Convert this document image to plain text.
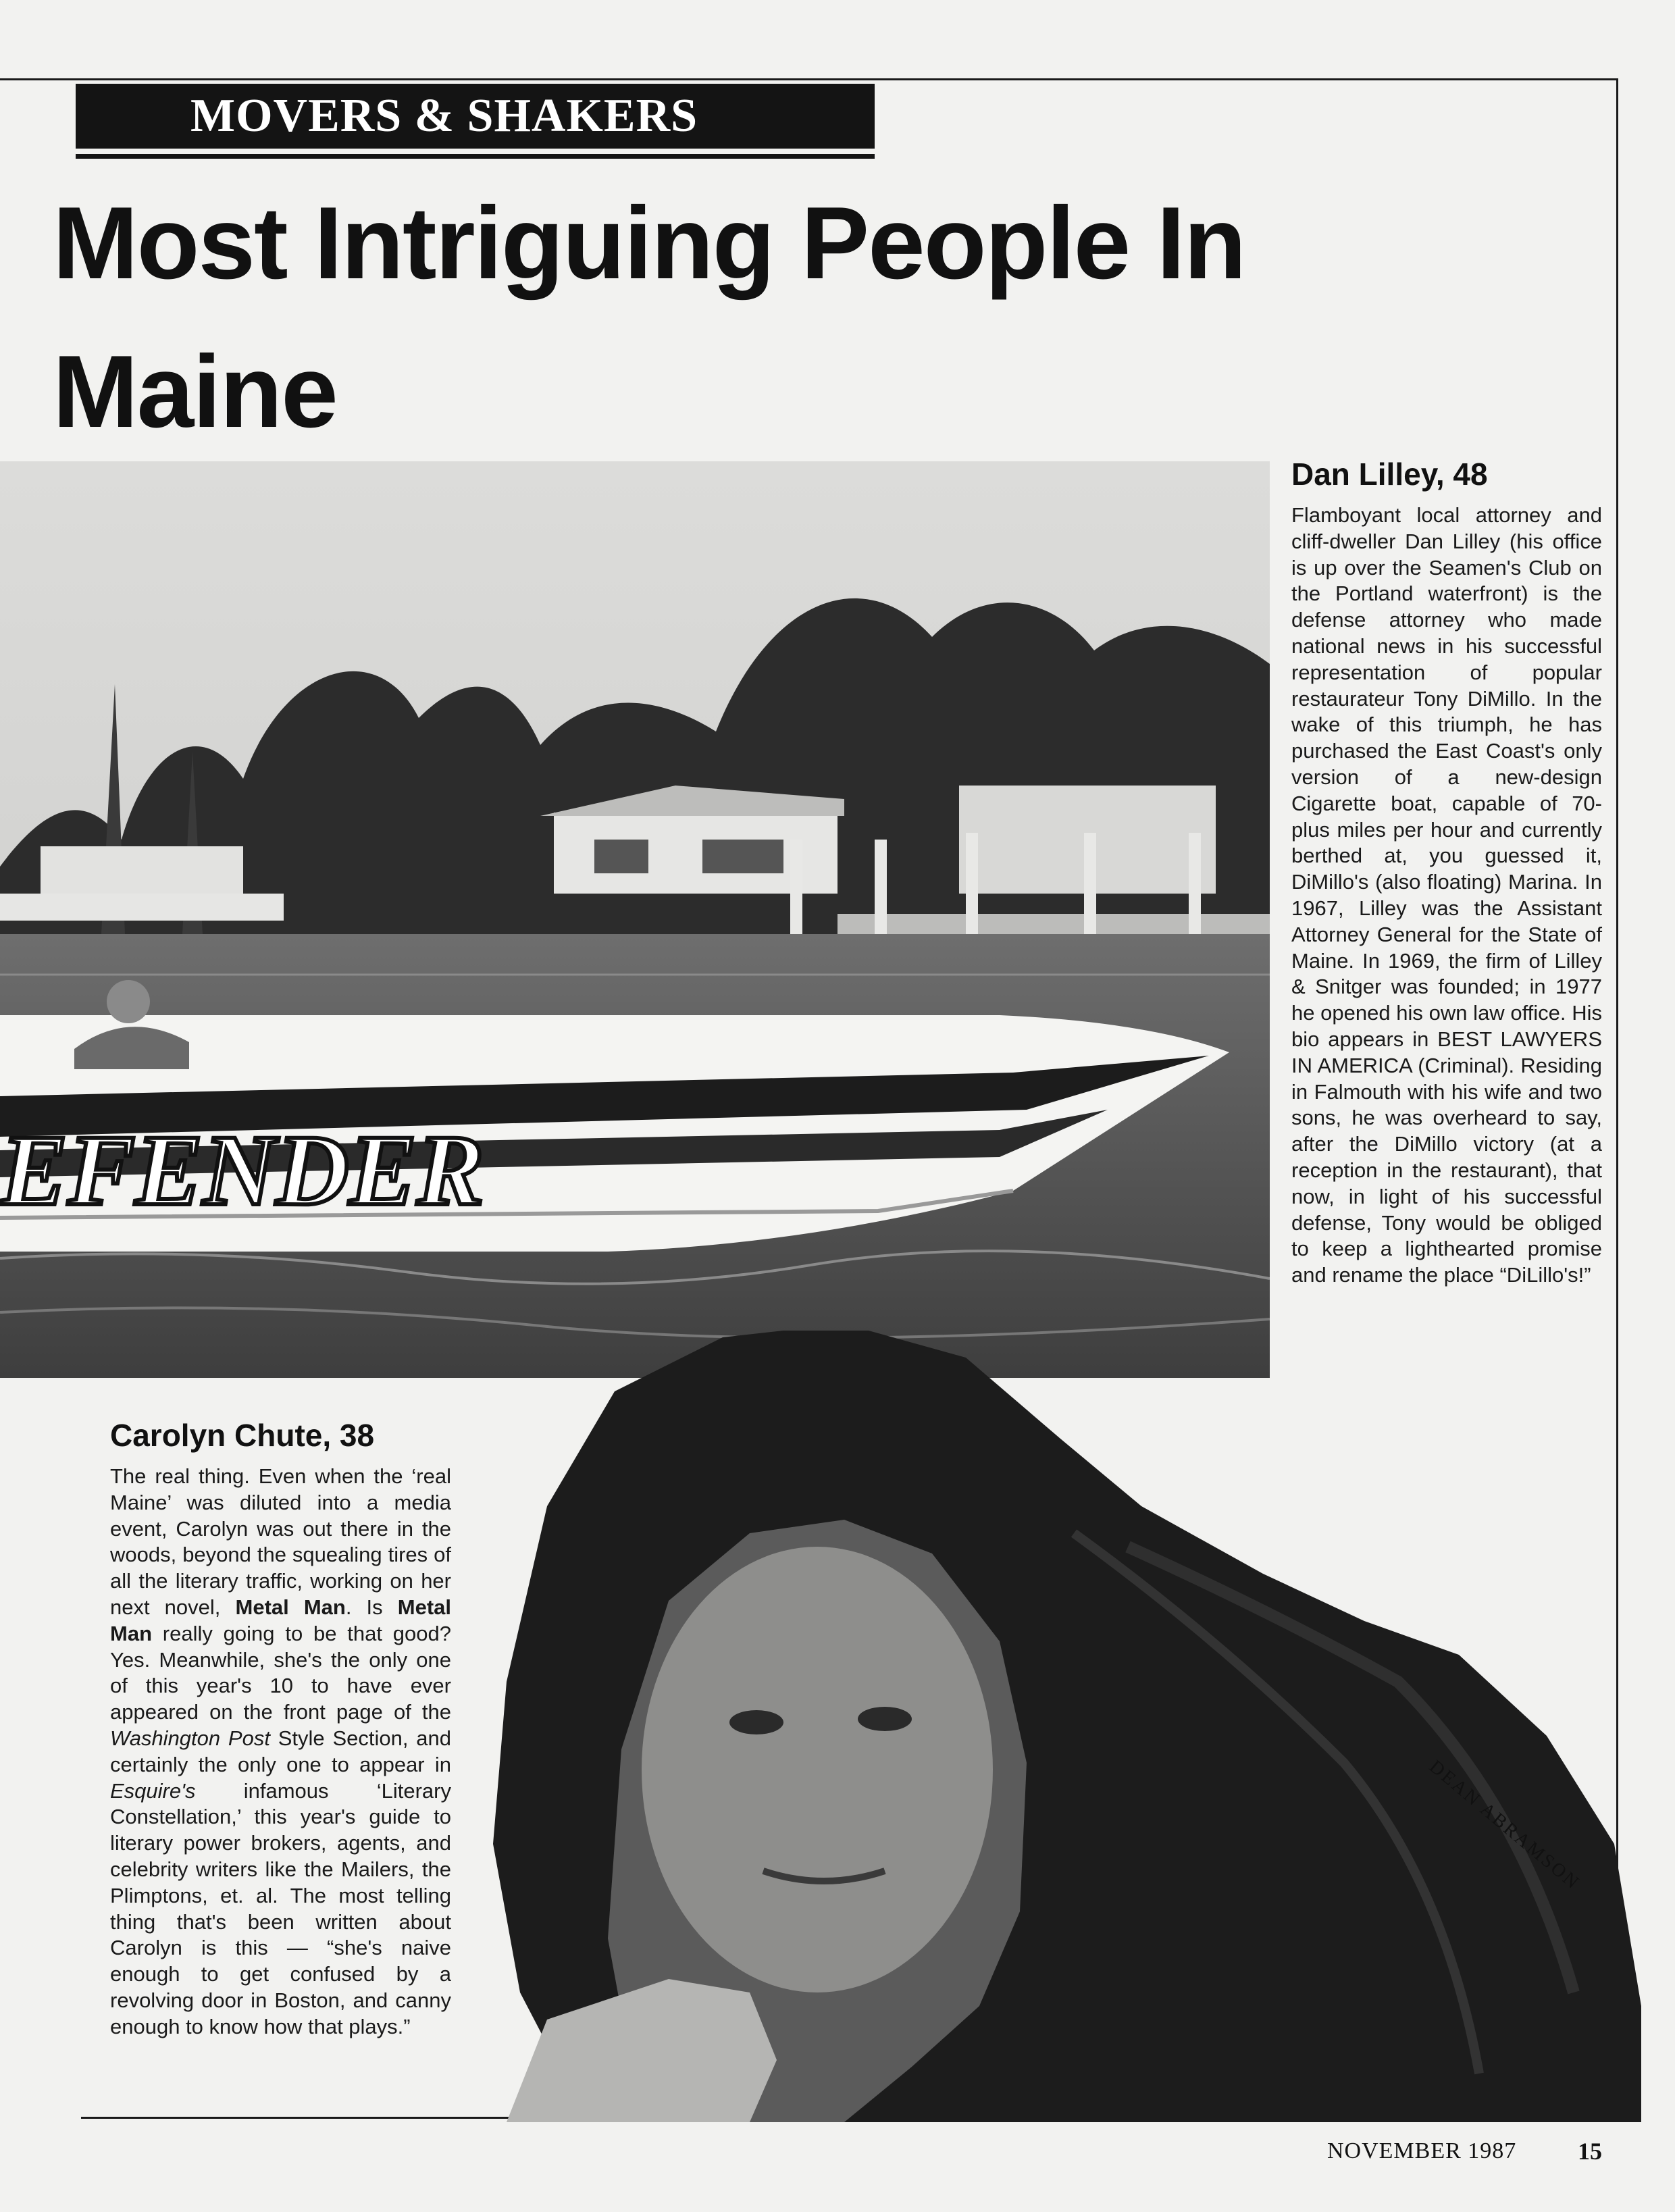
MOVERS & SHAKERS
Most Intriguing People In Maine
EFENDER
Dan Lilley, 48

Flamboyant local attorney and cliff-dweller Dan Lilley (his office is up over the Seamen's Club on the Portland waterfront) is the defense attorney who made national news in his successful representation of popular restaurateur Tony DiMillo. In the wake of this triumph, he has purchased the East Coast's only version of a new-design Cigarette boat, capable of 70-plus miles per hour and currently berthed at, you guessed it, DiMillo's (also floating) Marina. In 1967, Lilley was the Assistant Attorney General for the State of Maine. In 1969, the firm of Lilley & Snitger was founded; in 1977 he opened his own law office. His bio appears in BEST LAWYERS IN AMERICA (Criminal). Residing in Falmouth with his wife and two sons, he was overheard to say, after the DiMillo victory (at a reception in the restaurant), that now, in light of his successful defense, Tony would be obliged to keep a lighthearted promise and rename the place “DiLillo's!”

Carolyn Chute, 38

The real thing. Even when the ‘real Maine’ was diluted into a media event, Carolyn was out there in the woods, beyond the squealing tires of all the literary traffic, working on her next novel, Metal Man. Is Metal Man really going to be that good? Yes. Meanwhile, she's the only one of this year's 10 to have ever appeared on the front page of the Washington Post Style Section, and certainly the only one to appear in Esquire's infamous ‘Literary Constellation,’ this year's guide to literary power brokers, agents, and celebrity writers like the Mailers, the Plimptons, et. al. The most telling thing that's been written about Carolyn is this — “she's naive enough to get confused by a revolving door in Boston, and canny enough to know how that plays.”

DEAN ABRAMSON
NOVEMBER 1987	15
